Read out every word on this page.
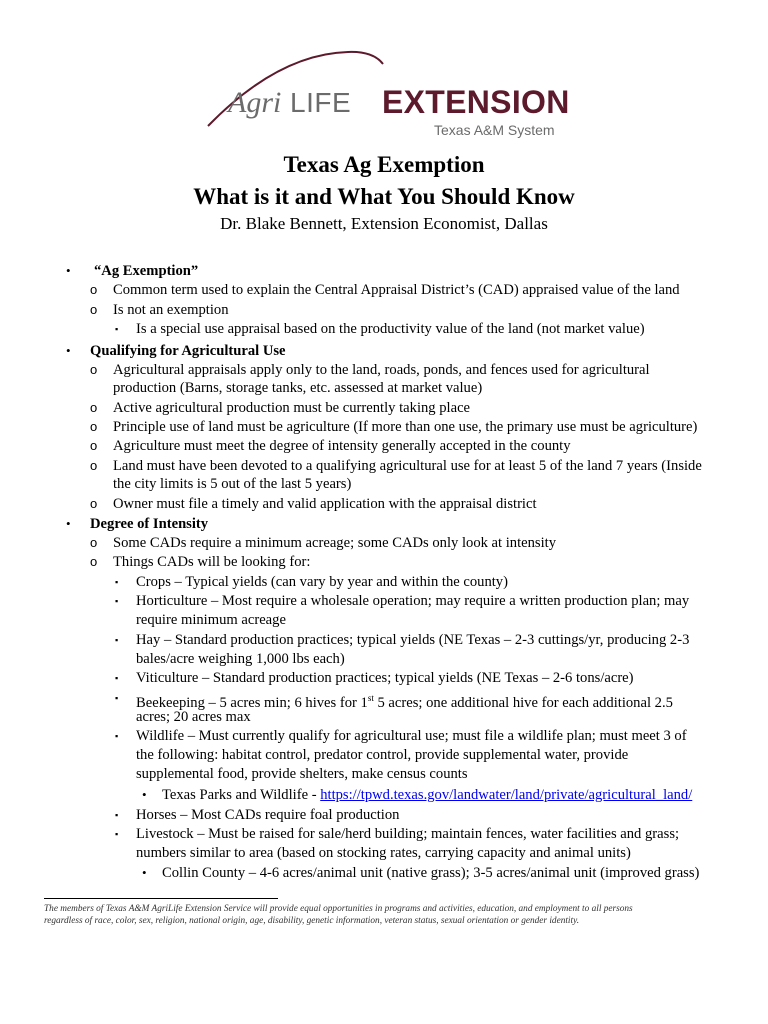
Agri LIFE EXTENSION
Texas A&M System
Texas Ag Exemption
What is it and What You Should Know
Dr. Blake Bennett, Extension Economist, Dallas
• “Ag Exemption”
o Common term used to explain the Central Appraisal District’s (CAD) appraised value of the land
o Is not an exemption
▪ Is a special use appraisal based on the productivity value of the land (not market value)
• Qualifying for Agricultural Use
o Agricultural appraisals apply only to the land, roads, ponds, and fences used for agricultural
production (Barns, storage tanks, etc. assessed at market value)
o Active agricultural production must be currently taking place
o Principle use of land must be agriculture (If more than one use, the primary use must be agriculture)
o Agriculture must meet the degree of intensity generally accepted in the county
o Land must have been devoted to a qualifying agricultural use for at least 5 of the land 7 years (Inside
the city limits is 5 out of the last 5 years)
o Owner must file a timely and valid application with the appraisal district
• Degree of Intensity
o Some CADs require a minimum acreage; some CADs only look at intensity
o Things CADs will be looking for:
▪ Crops – Typical yields (can vary by year and within the county)
▪ Horticulture – Most require a wholesale operation; may require a written production plan; may
require minimum acreage
▪ Hay – Standard production practices; typical yields (NE Texas – 2-3 cuttings/yr, producing 2-3
bales/acre weighing 1,000 lbs each)
▪ Viticulture – Standard production practices; typical yields (NE Texas – 2-6 tons/acre)
▪ Beekeeping – 5 acres min; 6 hives for 1st 5 acres; one additional hive for each additional 2.5
acres; 20 acres max
▪ Wildlife – Must currently qualify for agricultural use; must file a wildlife plan; must meet 3 of
the following: habitat control, predator control, provide supplemental water, provide
supplemental food, provide shelters, make census counts
• Texas Parks and Wildlife - https://tpwd.texas.gov/landwater/land/private/agricultural_land/
▪ Horses – Most CADs require foal production
▪ Livestock – Must be raised for sale/herd building; maintain fences, water facilities and grass;
numbers similar to area (based on stocking rates, carrying capacity and animal units)
• Collin County – 4-6 acres/animal unit (native grass); 3-5 acres/animal unit (improved grass)
The members of Texas A&M AgriLife Extension Service will provide equal opportunities in programs and activities, education, and employment to all persons
regardless of race, color, sex, religion, national origin, age, disability, genetic information, veteran status, sexual orientation or gender identity.
